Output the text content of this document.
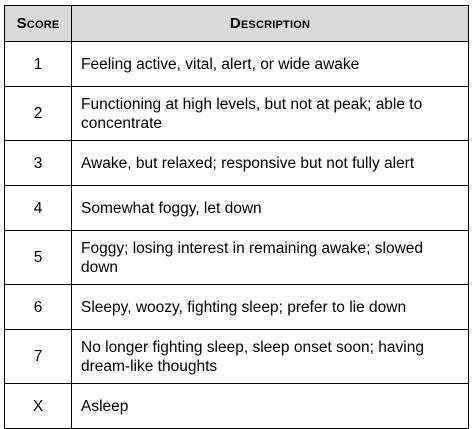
Score	Description
1	Feeling active, vital, alert, or wide awake
2	Functioning at high levels, but not at peak; able to concentrate
3	Awake, but relaxed; responsive but not fully alert
4	Somewhat foggy, let down
5	Foggy; losing interest in remaining awake; slowed down
6	Sleepy, woozy, fighting sleep; prefer to lie down
7	No longer fighting sleep, sleep onset soon; having dream-like thoughts
X	Asleep
